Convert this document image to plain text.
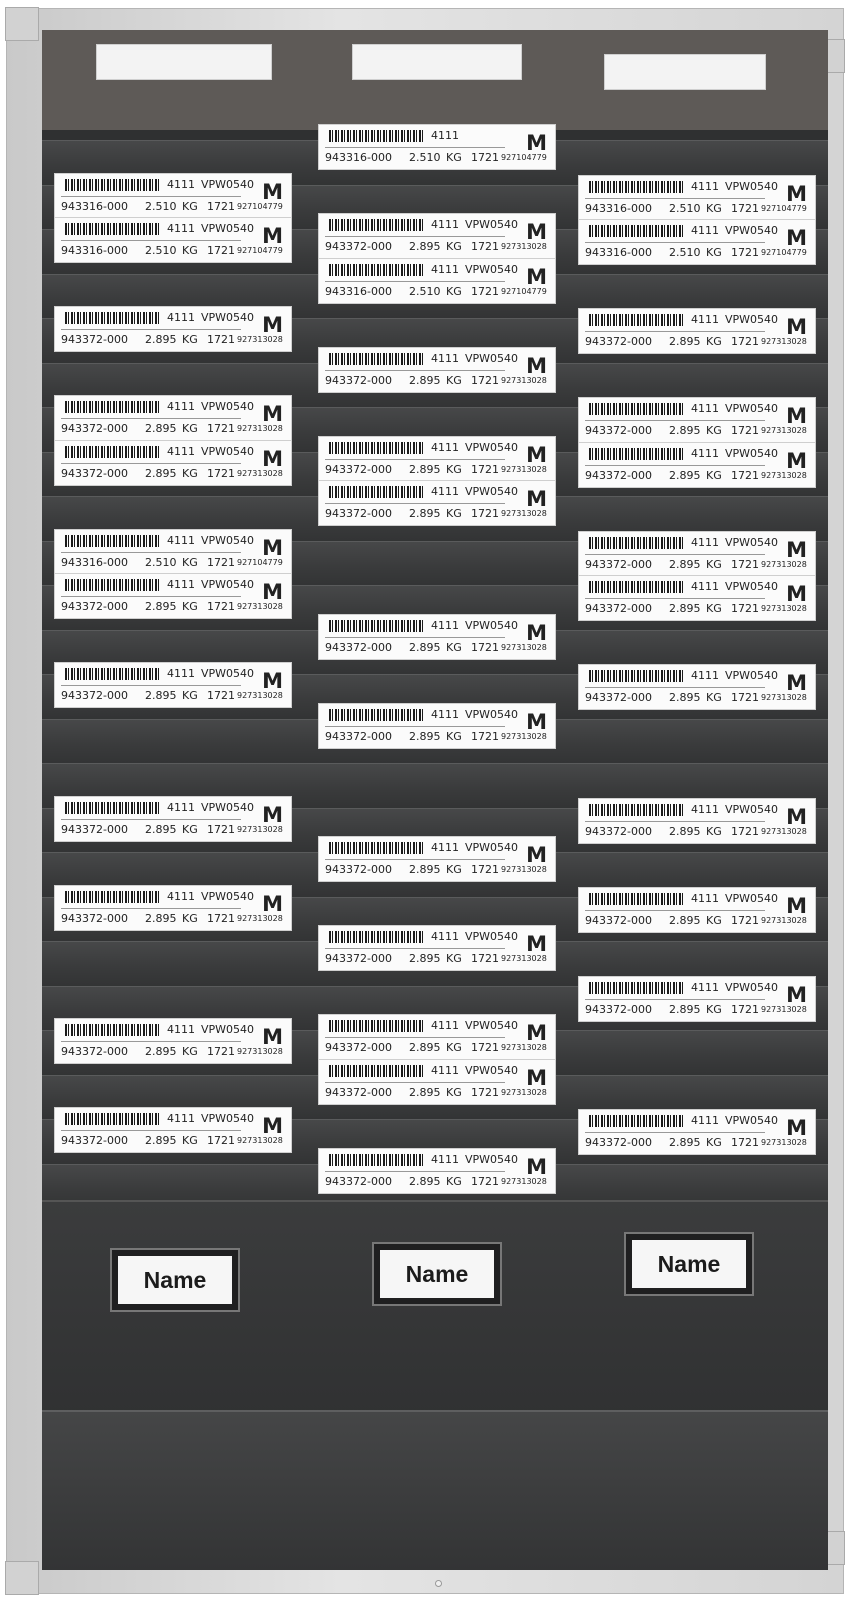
4111	M
943316-000 2.510 KG 1721 927104779
4111 VPW0540 M
943316-000 2.510 KG 1721 927104779
4111 VPW0540 M
943316-000 2.510 KG 1721 927104779
4111 VPW0540 M
943316-000 2.510 KG 1721 927104779
4111 VPW0540 M
943372-000 2.895 KG 1721 927313028
4111 VPW0540 M
943316-000 2.510 KG 1721 927104779
4111 VPW0540 M
943316-000 2.510 KG 1721 927104779
4111 VPW0540 M
943372-000 2.895 KG 1721 927313028
4111 VPW0540 M
943372-000 2.895 KG 1721 927313028
4111 VPW0540 M
943372-000 2.895 KG 1721 927313028
4111 VPW0540 M
943372-000 2.895 KG 1721 927313028
4111 VPW0540 M
943372-000 2.895 KG 1721 927313028
4111 VPW0540 M
943372-000 2.895 KG 1721 927313028
4111 VPW0540 M
943372-000 2.895 KG 1721 927313028
4111 VPW0540 M
943372-000 2.895 KG 1721 927313028
4111 VPW0540 M
943372-000 2.895 KG 1721 927313028
4111 VPW0540 M
943316-000 2.510 KG 1721 927104779
4111 VPW0540 M
943372-000 2.895 KG 1721 927313028
4111 VPW0540 M
943372-000 2.895 KG 1721 927313028
4111 VPW0540 M
943372-000 2.895 KG 1721 927313028
4111 VPW0540 M
943372-000 2.895 KG 1721 927313028
4111 VPW0540 M
943372-000 2.895 KG 1721 927313028
4111 VPW0540 M
943372-000 2.895 KG 1721 927313028
4111 VPW0540 M
943372-000 2.895 KG 1721 927313028
4111 VPW0540 M
943372-000 2.895 KG 1721 927313028
4111 VPW0540 M
943372-000 2.895 KG 1721 927313028
4111 VPW0540 M
943372-000 2.895 KG 1721 927313028
4111 VPW0540 M
943372-000 2.895 KG 1721 927313028
4111 VPW0540 M
943372-000 2.895 KG 1721 927313028
4111 VPW0540 M
943372-000 2.895 KG 1721 927313028
4111 VPW0540 M
943372-000 2.895 KG 1721 927313028
4111 VPW0540 M
943372-000 2.895 KG 1721 927313028
4111 VPW0540 M
943372-000 2.895 KG 1721 927313028
4111 VPW0540 M
943372-000 2.895 KG 1721 927313028
4111 VPW0540 M
943372-000 2.895 KG 1721 927313028
4111 VPW0540 M
943372-000 2.895 KG 1721 927313028
4111 VPW0540 M
943372-000 2.895 KG 1721 927313028
Name	Name	Name
